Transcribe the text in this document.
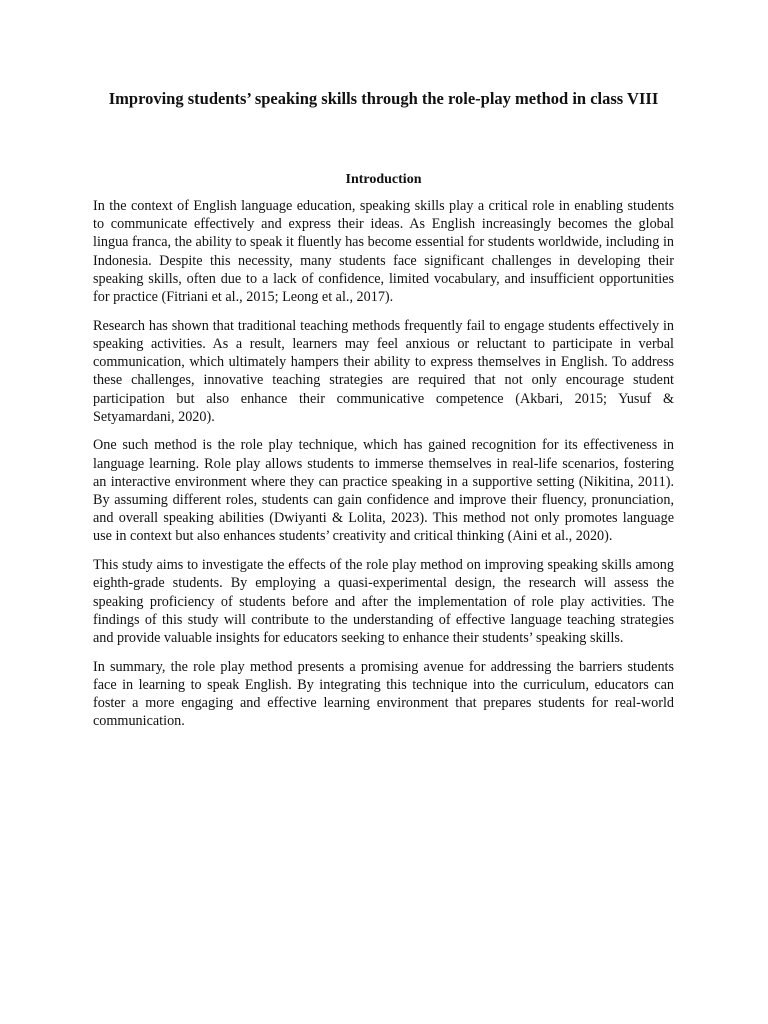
Improving students’ speaking skills through the role-play method in class VIII
Introduction

In the context of English language education, speaking skills play a critical role in enabling students to communicate effectively and express their ideas. As English increasingly becomes the global lingua franca, the ability to speak it fluently has become essential for students worldwide, including in Indonesia. Despite this necessity, many students face significant challenges in developing their speaking skills, often due to a lack of confidence, limited vocabulary, and insufficient opportunities for practice (Fitriani et al., 2015; Leong et al., 2017).

Research has shown that traditional teaching methods frequently fail to engage students effectively in speaking activities. As a result, learners may feel anxious or reluctant to participate in verbal communication, which ultimately hampers their ability to express themselves in English. To address these challenges, innovative teaching strategies are required that not only encourage student participation but also enhance their communicative competence (Akbari, 2015; Yusuf & Setyamardani, 2020).

One such method is the role play technique, which has gained recognition for its effectiveness in language learning. Role play allows students to immerse themselves in real-life scenarios, fostering an interactive environment where they can practice speaking in a supportive setting (Nikitina, 2011). By assuming different roles, students can gain confidence and improve their fluency, pronunciation, and overall speaking abilities (Dwiyanti & Lolita, 2023). This method not only promotes language use in context but also enhances students’ creativity and critical thinking (Aini et al., 2020).

This study aims to investigate the effects of the role play method on improving speaking skills among eighth-grade students. By employing a quasi-experimental design, the research will assess the speaking proficiency of students before and after the implementation of role play activities. The findings of this study will contribute to the understanding of effective language teaching strategies and provide valuable insights for educators seeking to enhance their students’ speaking skills.

In summary, the role play method presents a promising avenue for addressing the barriers students face in learning to speak English. By integrating this technique into the curriculum, educators can foster a more engaging and effective learning environment that prepares students for real-world communication.
